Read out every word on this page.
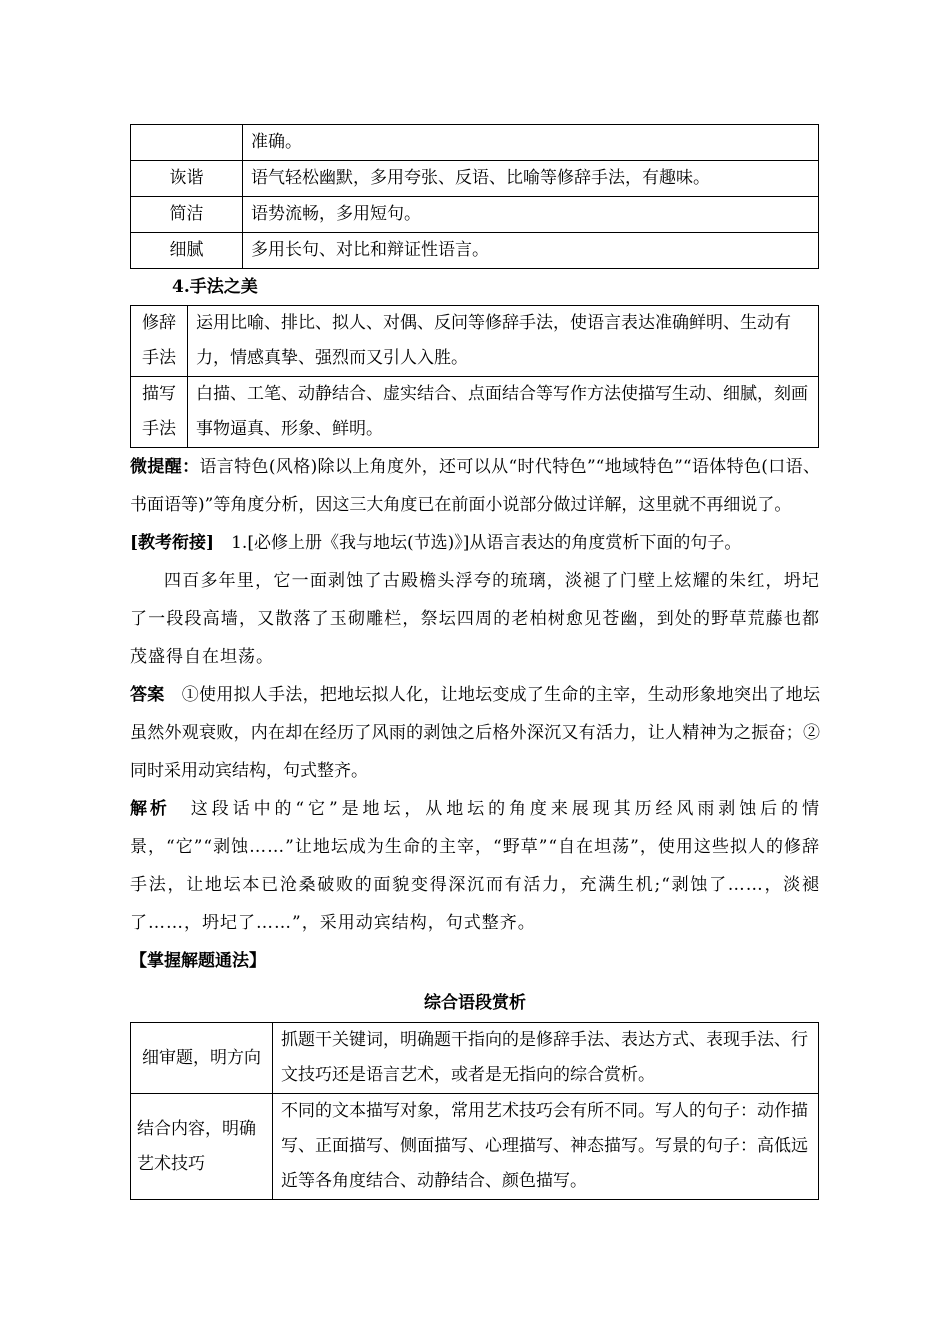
	准确。
诙谐	语气轻松幽默，多用夸张、反语、比喻等修辞手法，有趣味。
简洁	语势流畅，多用短句。
细腻	多用长句、对比和辩证性语言。

4.手法之美

修辞
手法	运用比喻、排比、拟人、对偶、反问等修辞手法，使语言表达准确鲜明、生动有力，情感真挚、强烈而又引人入胜。

描写
手法	白描、工笔、动静结合、虚实结合、点面结合等写作方法使描写生动、细腻，刻画事物逼真、形象、鲜明。

微提醒：语言特色(风格)除以上角度外，还可以从“时代特色”“地域特色”“语体特色(口语、书面语等)”等角度分析，因这三大角度已在前面小说部分做过详解，这里就不再细说了。

[教考衔接]　1.[必修上册《我与地坛(节选)》]从语言表达的角度赏析下面的句子。

四百多年里，它一面剥蚀了古殿檐头浮夸的琉璃，淡褪了门壁上炫耀的朱红，坍圮了一段段高墙，又散落了玉砌雕栏，祭坛四周的老柏树愈见苍幽，到处的野草荒藤也都茂盛得自在坦荡。

答案　①使用拟人手法，把地坛拟人化，让地坛变成了生命的主宰，生动形象地突出了地坛虽然外观衰败，内在却在经历了风雨的剥蚀之后格外深沉又有活力，让人精神为之振奋；②同时采用动宾结构，句式整齐。

解析　这段话中的“它”是地坛，从地坛的角度来展现其历经风雨剥蚀后的情景，“它”“剥蚀……”让地坛成为生命的主宰，“野草”“自在坦荡”，使用这些拟人的修辞手法，让地坛本已沧桑破败的面貌变得深沉而有活力，充满生机;“剥蚀了……，淡褪了……，坍圮了……”，采用动宾结构，句式整齐。

【掌握解题通法】

综合语段赏析

细审题，明方向	抓题干关键词，明确题干指向的是修辞手法、表达方式、表现手法、行文技巧还是语言艺术，或者是无指向的综合赏析。
结合内容，明确艺术技巧	不同的文本描写对象，常用艺术技巧会有所不同。写人的句子：动作描写、正面描写、侧面描写、心理描写、神态描写。写景的句子：高低远近等各角度结合、动静结合、颜色描写。
